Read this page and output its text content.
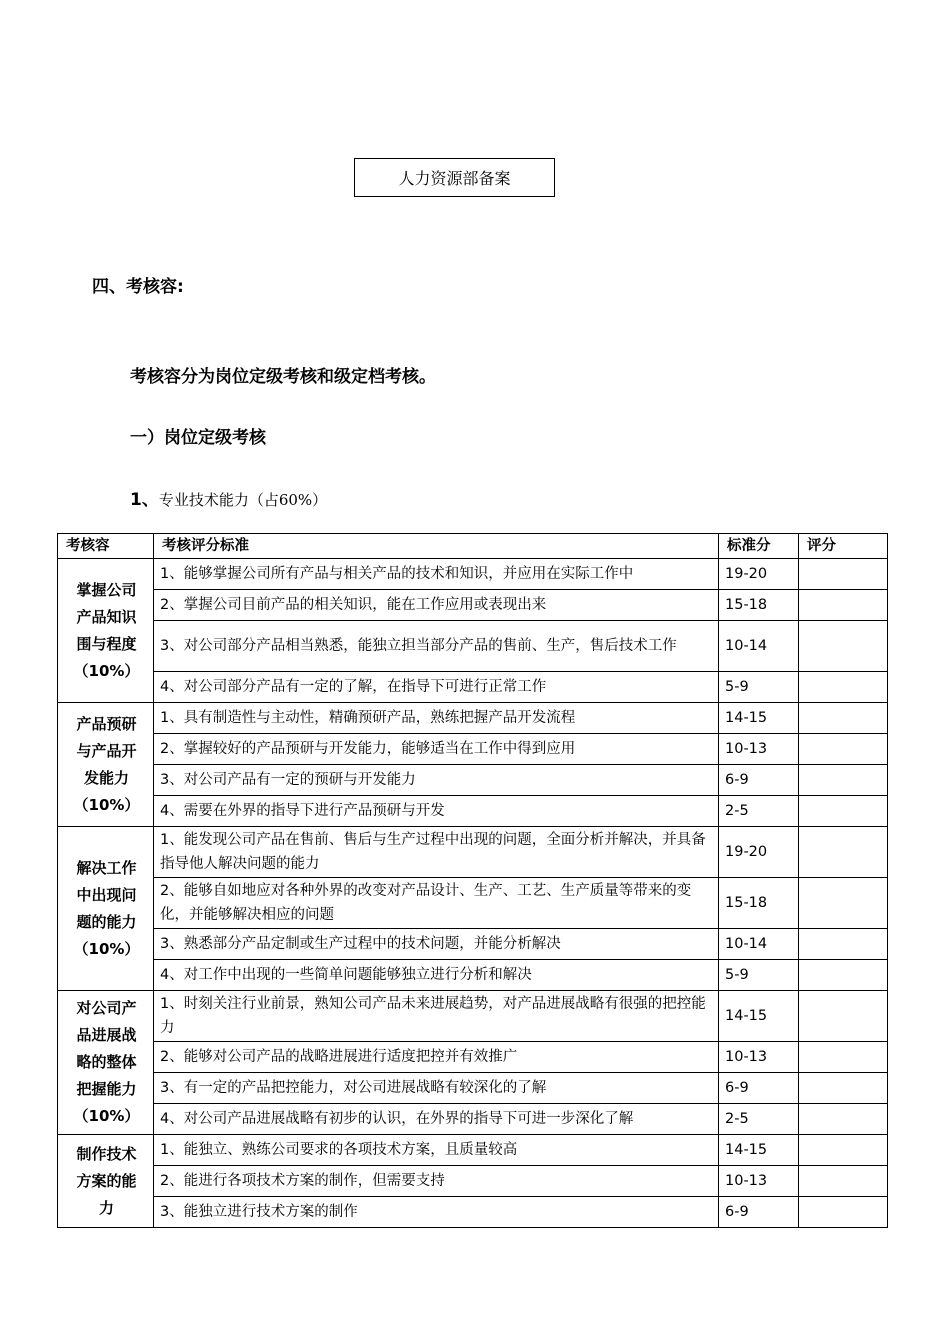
人力资源部备案
四、考核容:
考核容分为岗位定级考核和级定档考核。
一）岗位定级考核
1、专业技术能力（占60%）
考核容	考核评分标准	标准分	评分

掌握公司
产品知识
围与程度
（10%）	1、能够掌握公司所有产品与相关产品的技术和知识，并应用在实际工作中	19-20	
	2、掌握公司目前产品的相关知识，能在工作应用或表现出来	15-18	
	3、对公司部分产品相当熟悉，能独立担当部分产品的售前、生产，售后技术工作	10-14	
	4、对公司部分产品有一定的了解，在指导下可进行正常工作	5-9	

产品预研
与产品开
发能力
（10%）	1、具有制造性与主动性，精确预研产品，熟练把握产品开发流程	14-15	
	2、掌握较好的产品预研与开发能力，能够适当在工作中得到应用	10-13	
	3、对公司产品有一定的预研与开发能力	6-9	
	4、需要在外界的指导下进行产品预研与开发	2-5	

解决工作
中出现问
题的能力
（10%）	1、能发现公司产品在售前、售后与生产过程中出现的问题，全面分析并解决，并具备指导他人解决问题的能力	19-20	
	2、能够自如地应对各种外界的改变对产品设计、生产、工艺、生产质量等带来的变化，并能够解决相应的问题	15-18	
	3、熟悉部分产品定制或生产过程中的技术问题，并能分析解决	10-14	
	4、对工作中出现的一些简单问题能够独立进行分析和解决	5-9	

对公司产
品进展战
略的整体
把握能力
（10%）	1、时刻关注行业前景，熟知公司产品未来进展趋势，对产品进展战略有很强的把控能力	14-15	
	2、能够对公司产品的战略进展进行适度把控并有效推广	10-13	
	3、有一定的产品把控能力，对公司进展战略有较深化的了解	6-9	
	4、对公司产品进展战略有初步的认识，在外界的指导下可进一步深化了解	2-5	

制作技术
方案的能
力	1、能独立、熟练公司要求的各项技术方案，且质量较高	14-15	
	2、能进行各项技术方案的制作，但需要支持	10-13	
	3、能独立进行技术方案的制作	6-9	
